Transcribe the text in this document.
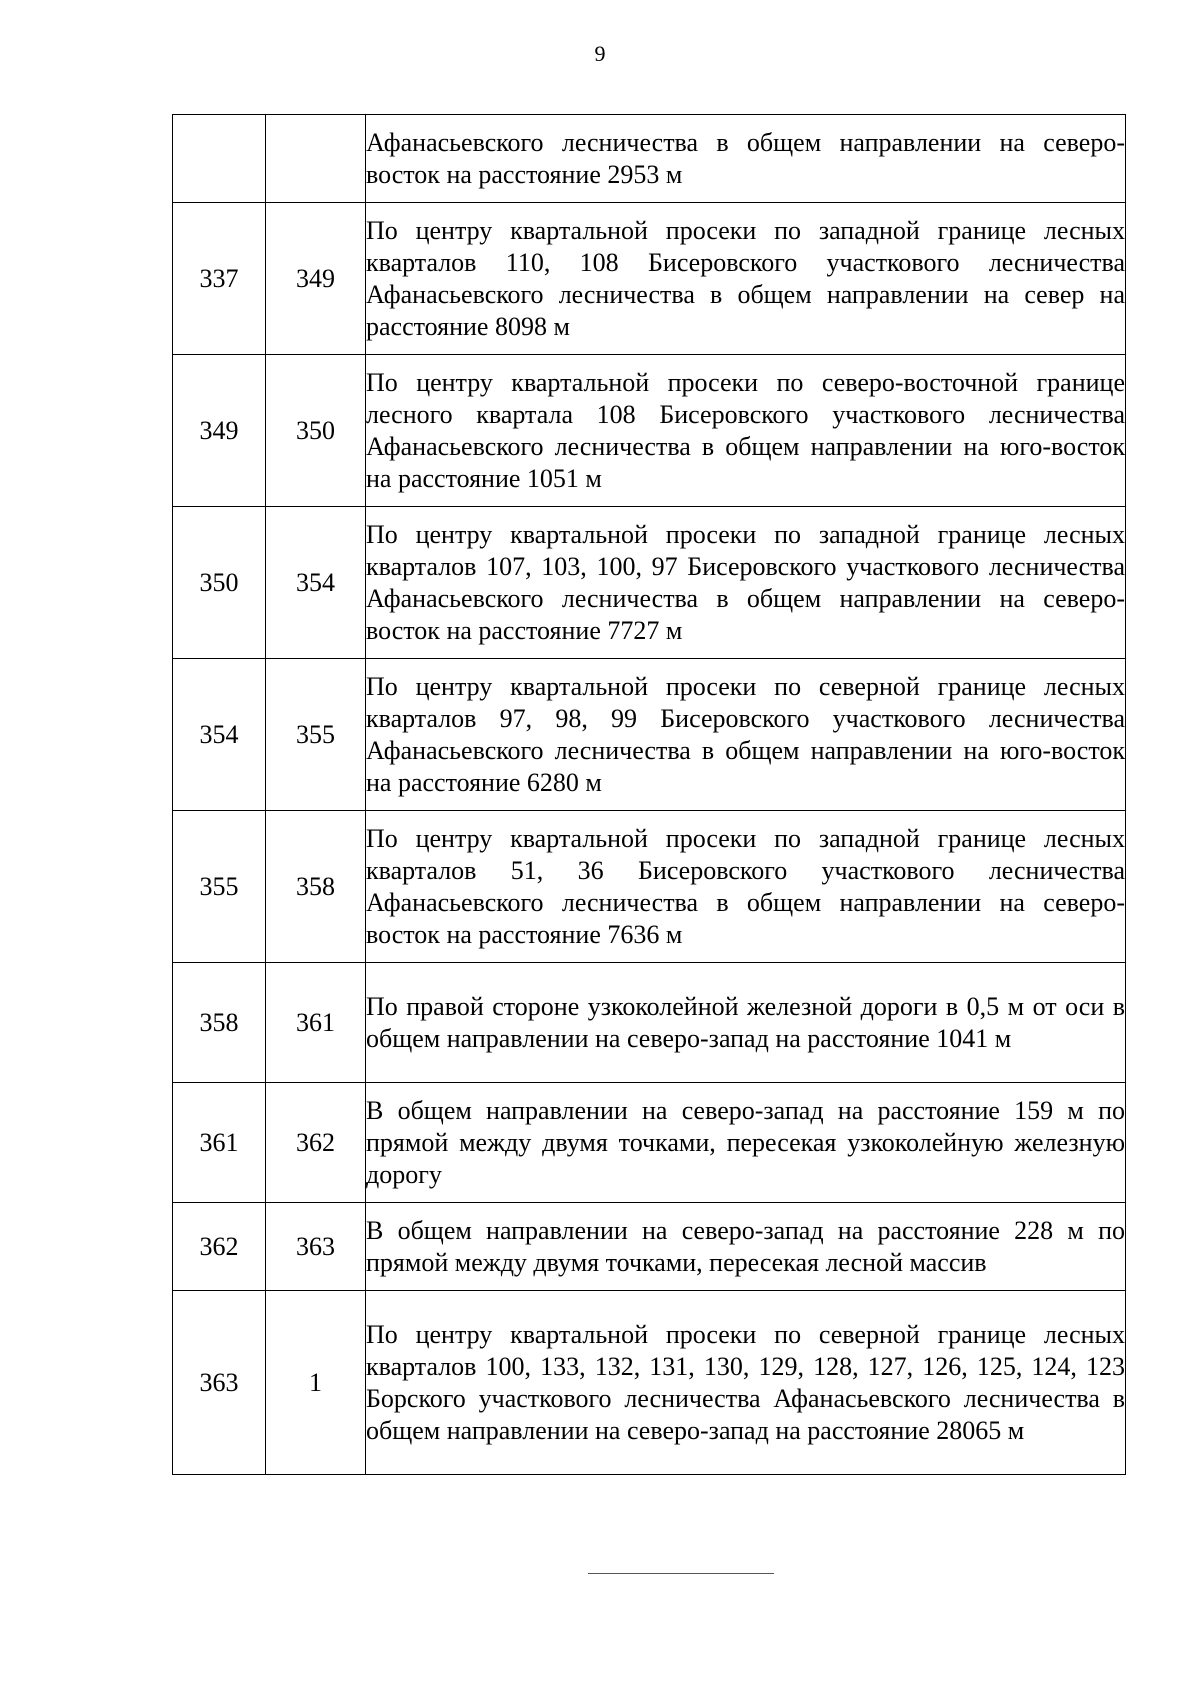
9

		Афанасьевского лесничества в общем направлении на северо-восток на расстояние 2953 м

337	349	По центру квартальной просеки по западной границе лесных кварталов 110, 108 Бисеровского участкового лесничества Афанасьевского лесничества в общем направлении на север на расстояние 8098 м

349	350	По центру квартальной просеки по северо-восточной границе лесного квартала 108 Бисеровского участкового лесничества Афанасьевского лесничества в общем направлении на юго-восток на расстояние 1051 м

350	354	По центру квартальной просеки по западной границе лесных кварталов 107, 103, 100, 97 Бисеровского участкового лесничества Афанасьевского лесничества в общем направлении на северо-восток на расстояние 7727 м

354	355	По центру квартальной просеки по северной границе лесных кварталов 97, 98, 99 Бисеровского участкового лесничества Афанасьевского лесничества в общем направлении на юго-восток на расстояние 6280 м

355	358	По центру квартальной просеки по западной границе лесных кварталов 51, 36 Бисеровского участкового лесничества Афанасьевского лесничества в общем направлении на северо-восток на расстояние 7636 м

358	361	По правой стороне узкоколейной железной дороги в 0,5 м от оси в общем направлении на северо-запад на расстояние 1041 м

361	362	В общем направлении на северо-запад на расстояние 159 м по прямой между двумя точками, пересекая узкоколейную железную дорогу

362	363	В общем направлении на северо-запад на расстояние 228 м по прямой между двумя точками, пересекая лесной массив

363	1	По центру квартальной просеки по северной границе лесных кварталов 100, 133, 132, 131, 130, 129, 128, 127, 126, 125, 124, 123 Борского участкового лесничества Афанасьевского лесничества в общем направлении на северо-запад на расстояние 28065 м
